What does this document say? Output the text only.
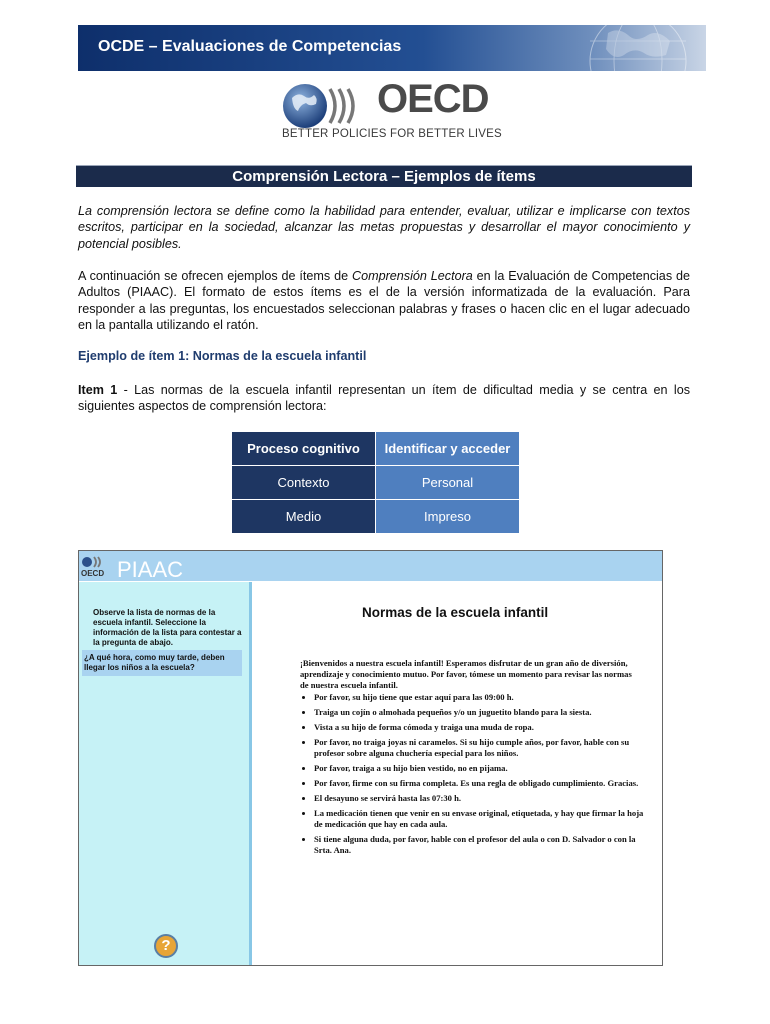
OCDE – Evaluaciones de Competencias
OECD
BETTER POLICIES FOR BETTER LIVES
Comprensión Lectora – Ejemplos de ítems
La comprensión lectora se define como la habilidad para entender, evaluar, utilizar e implicarse con textos escritos, participar en la sociedad, alcanzar las metas propuestas y desarrollar el mayor conocimiento y potencial posibles.
A continuación se ofrecen ejemplos de ítems de Comprensión Lectora en la Evaluación de Competencias de Adultos (PIAAC). El formato de estos ítems es el de la versión informatizada de la evaluación. Para responder a las preguntas, los encuestados seleccionan palabras y frases o hacen clic en el lugar adecuado en la pantalla utilizando el ratón.
Ejemplo de ítem 1: Normas de la escuela infantil
Item 1 - Las normas de la escuela infantil representan un ítem de dificultad media y se centra en los siguientes aspectos de comprensión lectora:
Proceso cognitivo	Identificar y acceder
Contexto	Personal
Medio	Impreso
OECD PIAAC
Observe la lista de normas de la escuela infantil. Seleccione la información de la lista para contestar a la pregunta de abajo.
¿A qué hora, como muy tarde, deben llegar los niños a la escuela?
?
Normas de la escuela infantil
¡Bienvenidos a nuestra escuela infantil! Esperamos disfrutar de un gran año de diversión, aprendizaje y conocimiento mutuo. Por favor, tómese un momento para revisar las normas de nuestra escuela infantil.
• Por favor, su hijo tiene que estar aquí para las 09:00 h.
• Traiga un cojín o almohada pequeños y/o un juguetito blando para la siesta.
• Vista a su hijo de forma cómoda y traiga una muda de ropa.
• Por favor, no traiga joyas ni caramelos. Si su hijo cumple años, por favor, hable con su profesor sobre alguna chuchería especial para los niños.
• Por favor, traiga a su hijo bien vestido, no en pijama.
• Por favor, firme con su firma completa. Es una regla de obligado cumplimiento. Gracias.
• El desayuno se servirá hasta las 07:30 h.
• La medicación tienen que venir en su envase original, etiquetada, y hay que firmar la hoja de medicación que hay en cada aula.
• Si tiene alguna duda, por favor, hable con el profesor del aula o con D. Salvador o con la Srta. Ana.
